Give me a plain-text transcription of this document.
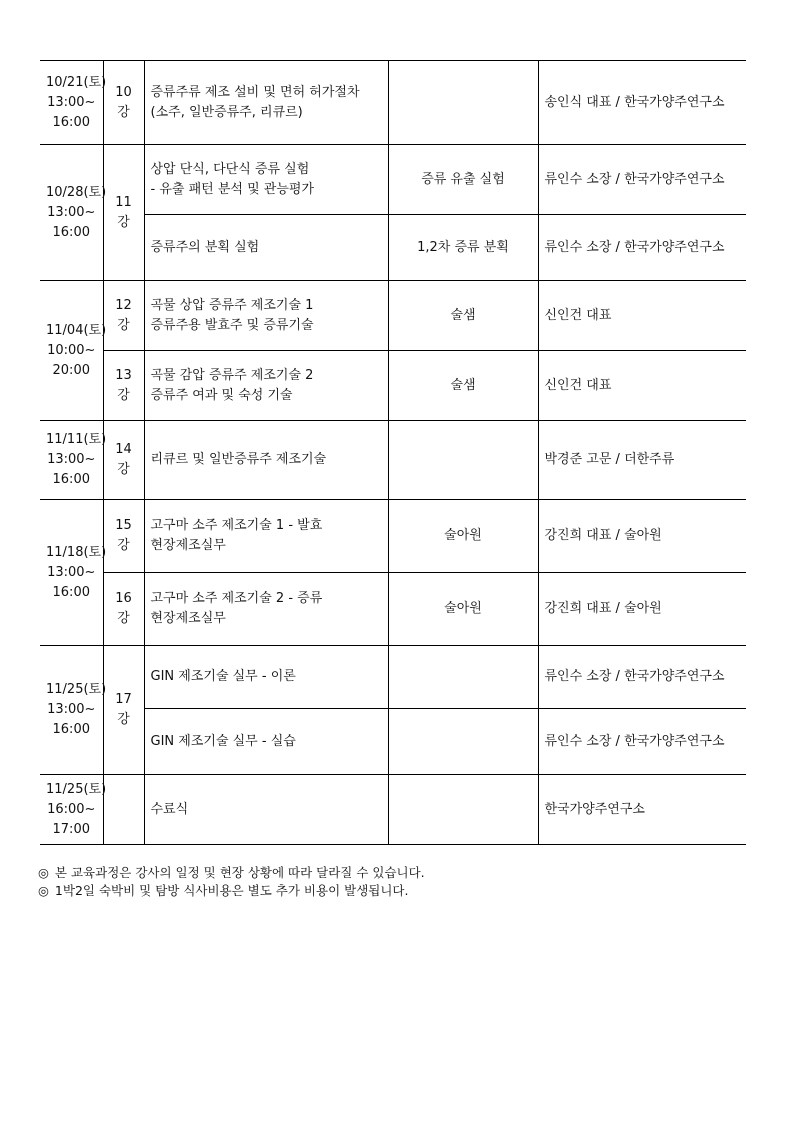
10/21(토)
13:00~
16:00	10강	증류주류 제조 설비 및 면허 허가절차
(소주, 일반증류주, 리큐르)		송인식 대표 / 한국가양주연구소

10/28(토)
13:00~
16:00	11강	상압 단식, 다단식 증류 실험
- 유출 패턴 분석 및 관능평가	증류 유출 실험	류인수 소장 / 한국가양주연구소

		증류주의 분획 실험	1,2차 증류 분획	류인수 소장 / 한국가양주연구소

11/04(토)
10:00~
20:00	12강	곡물 상압 증류주 제조기술 1
증류주용 발효주 및 증류기술	술샘	신인건 대표
	13강	곡물 감압 증류주 제조기술 2
증류주 여과 및 숙성 기술	술샘	신인건 대표

11/11(토)
13:00~
16:00	14강	리큐르 및 일반증류주 제조기술		박경준 고문 / 더한주류

11/18(토)
13:00~
16:00	15강	고구마 소주 제조기술 1 - 발효
현장제조실무	술아원	강진희 대표 / 술아원
	16강	고구마 소주 제조기술 2 - 증류
현장제조실무	술아원	강진희 대표 / 술아원

11/25(토)
13:00~
16:00	17강	GIN 제조기술 실무 - 이론		류인수 소장 / 한국가양주연구소

		GIN 제조기술 실무 - 실습		류인수 소장 / 한국가양주연구소

11/25(토)
16:00~
17:00		수료식		한국가양주연구소
◎ 본 교육과정은 강사의 일정 및 현장 상황에 따라 달라질 수 있습니다.
◎ 1박2일 숙박비 및 탐방 식사비용은 별도 추가 비용이 발생됩니다.
